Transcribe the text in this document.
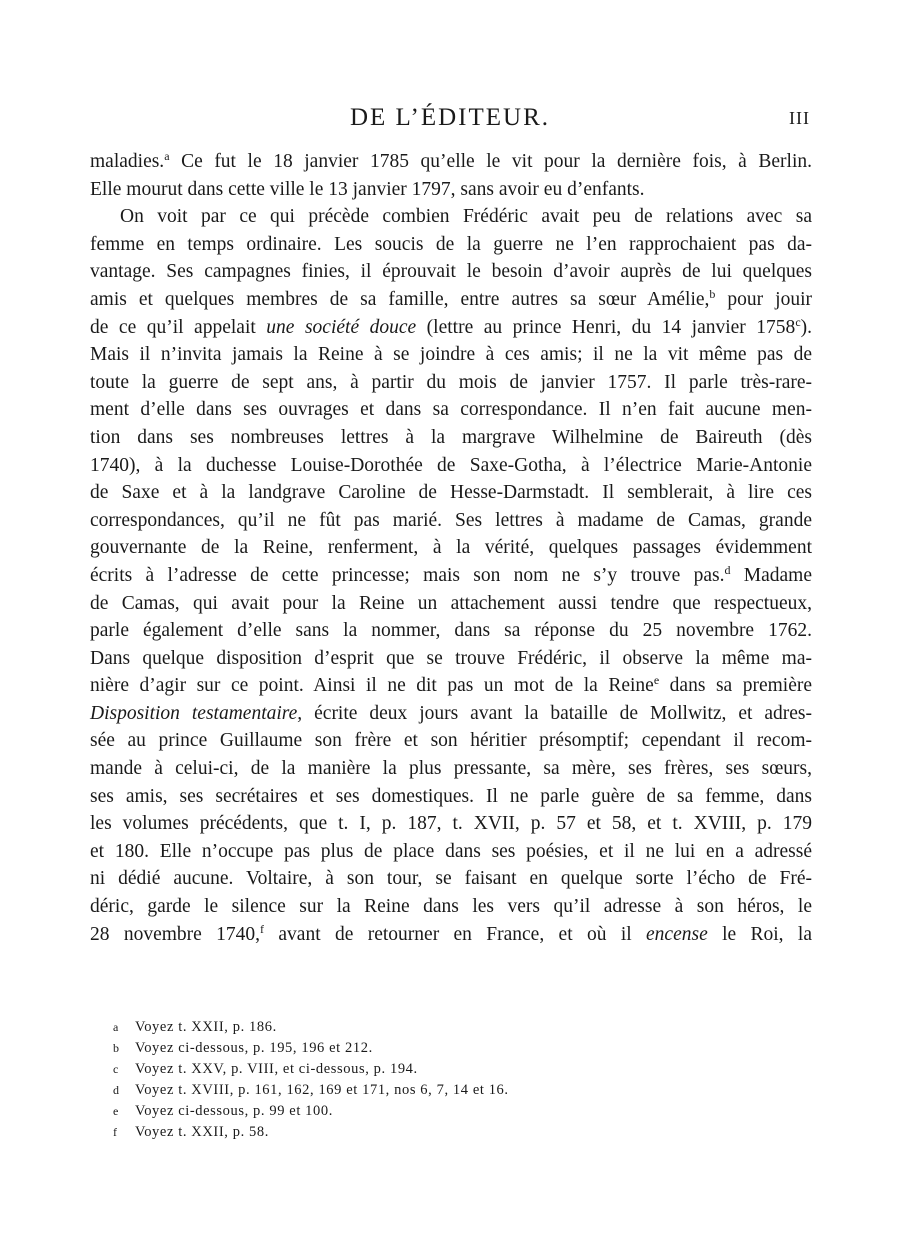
DE L’ÉDITEUR.	III
maladies.$^a$ Ce fut le 18 janvier 1785 qu’elle le vit pour la dernière fois, à Berlin.
Elle mourut dans cette ville le 13 janvier 1797, sans avoir eu d’enfants.
On voit par ce qui précède combien Frédéric avait peu de relations avec sa
femme en temps ordinaire. Les soucis de la guerre ne l’en rapprochaient pas da-
vantage. Ses campagnes finies, il éprouvait le besoin d’avoir auprès de lui quelques
amis et quelques membres de sa famille, entre autres sa sœur Amélie,$^b$ pour jouir
de ce qu’il appelait une société douce (lettre au prince Henri, du 14 janvier 1758$^c$).
Mais il n’invita jamais la Reine à se joindre à ces amis; il ne la vit même pas de
toute la guerre de sept ans, à partir du mois de janvier 1757. Il parle très-rare-
ment d’elle dans ses ouvrages et dans sa correspondance. Il n’en fait aucune men-
tion dans ses nombreuses lettres à la margrave Wilhelmine de Baireuth (dès
1740), à la duchesse Louise-Dorothée de Saxe-Gotha, à l’électrice Marie-Antonie
de Saxe et à la landgrave Caroline de Hesse-Darmstadt. Il semblerait, à lire ces
correspondances, qu’il ne fût pas marié. Ses lettres à madame de Camas, grande
gouvernante de la Reine, renferment, à la vérité, quelques passages évidemment
écrits à l’adresse de cette princesse; mais son nom ne s’y trouve pas.$^d$ Madame
de Camas, qui avait pour la Reine un attachement aussi tendre que respectueux,
parle également d’elle sans la nommer, dans sa réponse du 25 novembre 1762.
Dans quelque disposition d’esprit que se trouve Frédéric, il observe la même ma-
nière d’agir sur ce point. Ainsi il ne dit pas un mot de la Reine$^e$ dans sa première
Disposition testamentaire, écrite deux jours avant la bataille de Mollwitz, et adres-
sée au prince Guillaume son frère et son héritier présomptif; cependant il recom-
mande à celui-ci, de la manière la plus pressante, sa mère, ses frères, ses sœurs,
ses amis, ses secrétaires et ses domestiques. Il ne parle guère de sa femme, dans
les volumes précédents, que t. I, p. 187, t. XVII, p. 57 et 58, et t. XVIII, p. 179
et 180. Elle n’occupe pas plus de place dans ses poésies, et il ne lui en a adressé
ni dédié aucune. Voltaire, à son tour, se faisant en quelque sorte l’écho de Fré-
déric, garde le silence sur la Reine dans les vers qu’il adresse à son héros, le
28 novembre 1740,$^f$ avant de retourner en France, et où il encense le Roi, la
a Voyez t. XXII, p. 186.
b Voyez ci-dessous, p. 195, 196 et 212.
c Voyez t. XXV, p. VIII, et ci-dessous, p. 194.
d Voyez t. XVIII, p. 161, 162, 169 et 171, nos 6, 7, 14 et 16.
e Voyez ci-dessous, p. 99 et 100.
f Voyez t. XXII, p. 58.
